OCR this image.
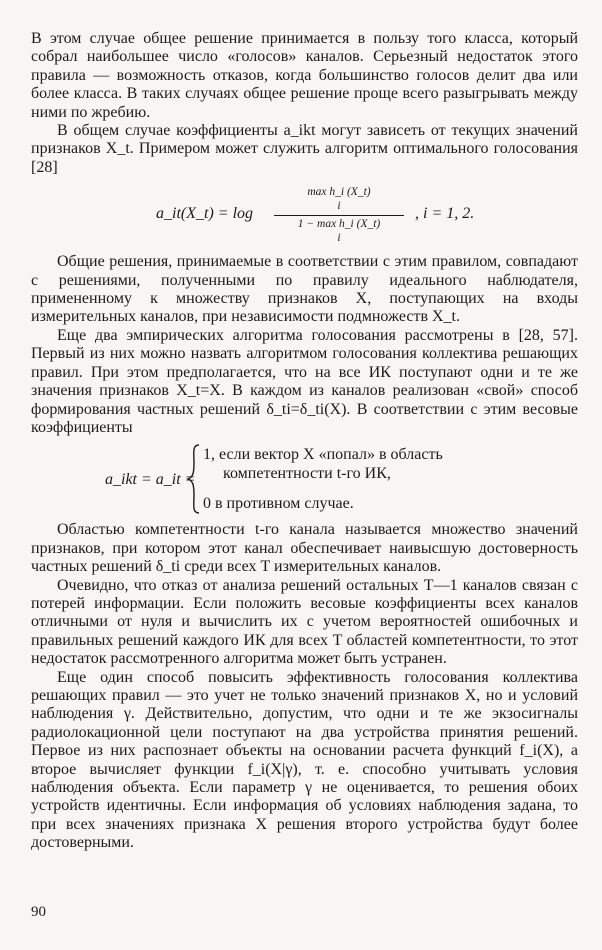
В этом случае общее решение принимается в пользу того класса, который собрал наибольшее число «голосов» каналов. Серьезный недостаток этого правила — возможность отказов, когда большинство голосов делит два или более класса. В таких случаях общее решение проще всего разыгрывать между ними по жребию.

В общем случае коэффициенты a_ikt могут зависеть от текущих значений признаков X_t. Примером может служить алгоритм оптимального голосования [28]

a_it(X_t) = log
max h_i (X_t)
i
1 − max h_i (X_t)
i
, i = 1, 2.

Общие решения, принимаемые в соответствии с этим правилом, совпадают с решениями, полученными по правилу идеального наблюдателя, примененному к множеству признаков X, поступающих на входы измерительных каналов, при независимости подмножеств X_t.

Еще два эмпирических алгоритма голосования рассмотрены в [28, 57]. Первый из них можно назвать алгоритмом голосования коллектива решающих правил. При этом предполагается, что на все ИК поступают одни и те же значения признаков X_t=X. В каждом из каналов реализован «свой» способ формирования частных решений δ_ti=δ_ti(X). В соответствии с этим весовые коэффициенты

a_ikt = a_it =
1, если вектор X «попал» в область
компетентности t-го ИК,
0 в противном случае.

Областью компетентности t-го канала называется множество значений признаков, при котором этот канал обеспечивает наивысшую достоверность частных решений δ_ti среди всех T измерительных каналов.

Очевидно, что отказ от анализа решений остальных T—1 каналов связан с потерей информации. Если положить весовые коэффициенты всех каналов отличными от нуля и вычислить их с учетом вероятностей ошибочных и правильных решений каждого ИК для всех T областей компетентности, то этот недостаток рассмотренного алгоритма может быть устранен.

Еще один способ повысить эффективность голосования коллектива решающих правил — это учет не только значений признаков X, но и условий наблюдения γ. Действительно, допустим, что одни и те же экзосигналы радиолокационной цели поступают на два устройства принятия решений. Первое из них распознает объекты на основании расчета функций f_i(X), а второе вычисляет функции f_i(X|γ), т. е. способно учитывать условия наблюдения объекта. Если параметр γ не оценивается, то решения обоих устройств идентичны. Если информация об условиях наблюдения задана, то при всех значениях признака X решения второго устройства будут более достоверными.

90
